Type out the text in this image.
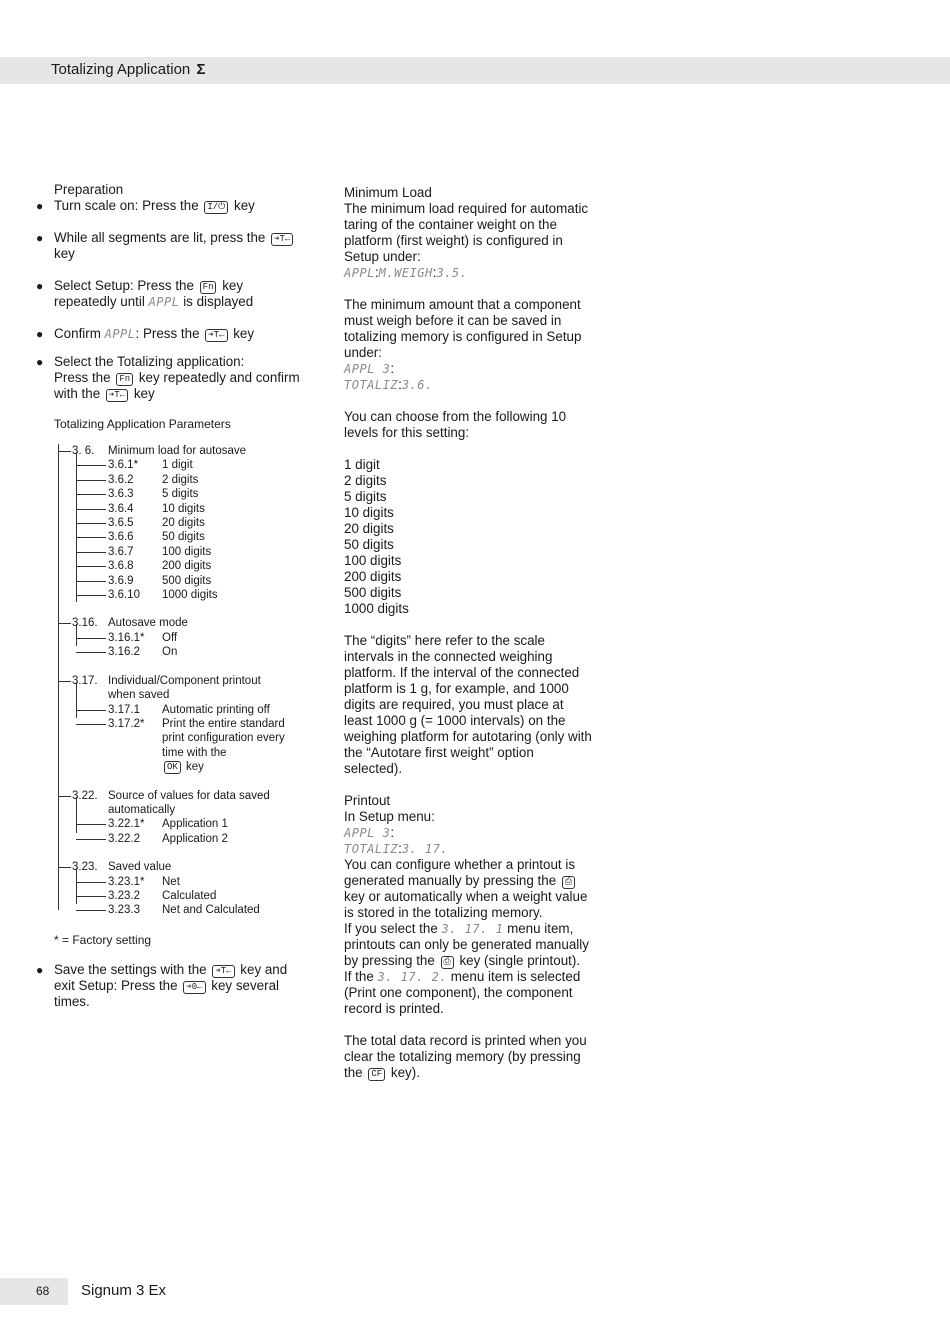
Totalizing Application Σ
Preparation
● Turn scale on: Press the I/⏻ key
● While all segments are lit, press the ➔T← key
● Select Setup: Press the Fn key repeatedly until APPL is displayed
● Confirm APPL: Press the ➔T← key
● Select the Totalizing application:
Press the Fn key repeatedly and confirm with the ➔T← key
Totalizing Application Parameters
3. 6. Minimum load for autosave
3.6.1* 1 digit
3.6.2 2 digits
3.6.3 5 digits
3.6.4 10 digits
3.6.5 20 digits
3.6.6 50 digits
3.6.7 100 digits
3.6.8 200 digits
3.6.9 500 digits
3.6.10 1000 digits
3.16. Autosave mode
3.16.1* Off
3.16.2 On
3.17. Individual/Component printout when saved
3.17.1 Automatic printing off
3.17.2* Print the entire standard print configuration every time with the
OK key
3.22. Source of values for data saved automatically
3.22.1* Application 1
3.22.2 Application 2
3.23. Saved value
3.23.1* Net
3.23.2 Calculated
3.23.3 Net and Calculated
* = Factory setting
● Save the settings with the ➔T← key and exit Setup: Press the ➔0← key several times.
Minimum Load
The minimum load required for automatic taring of the container weight on the platform (first weight) is configured in Setup under:
APPL:M.WEIGH:3.5.
The minimum amount that a component must weigh before it can be saved in totalizing memory is configured in Setup under:
APPL 3:
TOTALIZ:3.6.
You can choose from the following 10 levels for this setting:
1 digit
2 digits
5 digits
10 digits
20 digits
50 digits
100 digits
200 digits
500 digits
1000 digits
The “digits” here refer to the scale intervals in the connected weighing platform. If the interval of the connected platform is 1 g, for example, and 1000 digits are required, you must place at least 1000 g (= 1000 intervals) on the weighing platform for autotaring (only with the “Autotare first weight” option selected).
Printout
In Setup menu:
APPL 3:
TOTALIZ:3. 17.
You can configure whether a printout is generated manually by pressing the ⎙ key or automatically when a weight value is stored in the totalizing memory.
If you select the 3. 17. 1 menu item, printouts can only be generated manually by pressing the ⎙ key (single printout).
If the 3. 17. 2. menu item is selected (Print one component), the component record is printed.
The total data record is printed when you clear the totalizing memory (by pressing the CF key).
68 Signum 3 Ex
